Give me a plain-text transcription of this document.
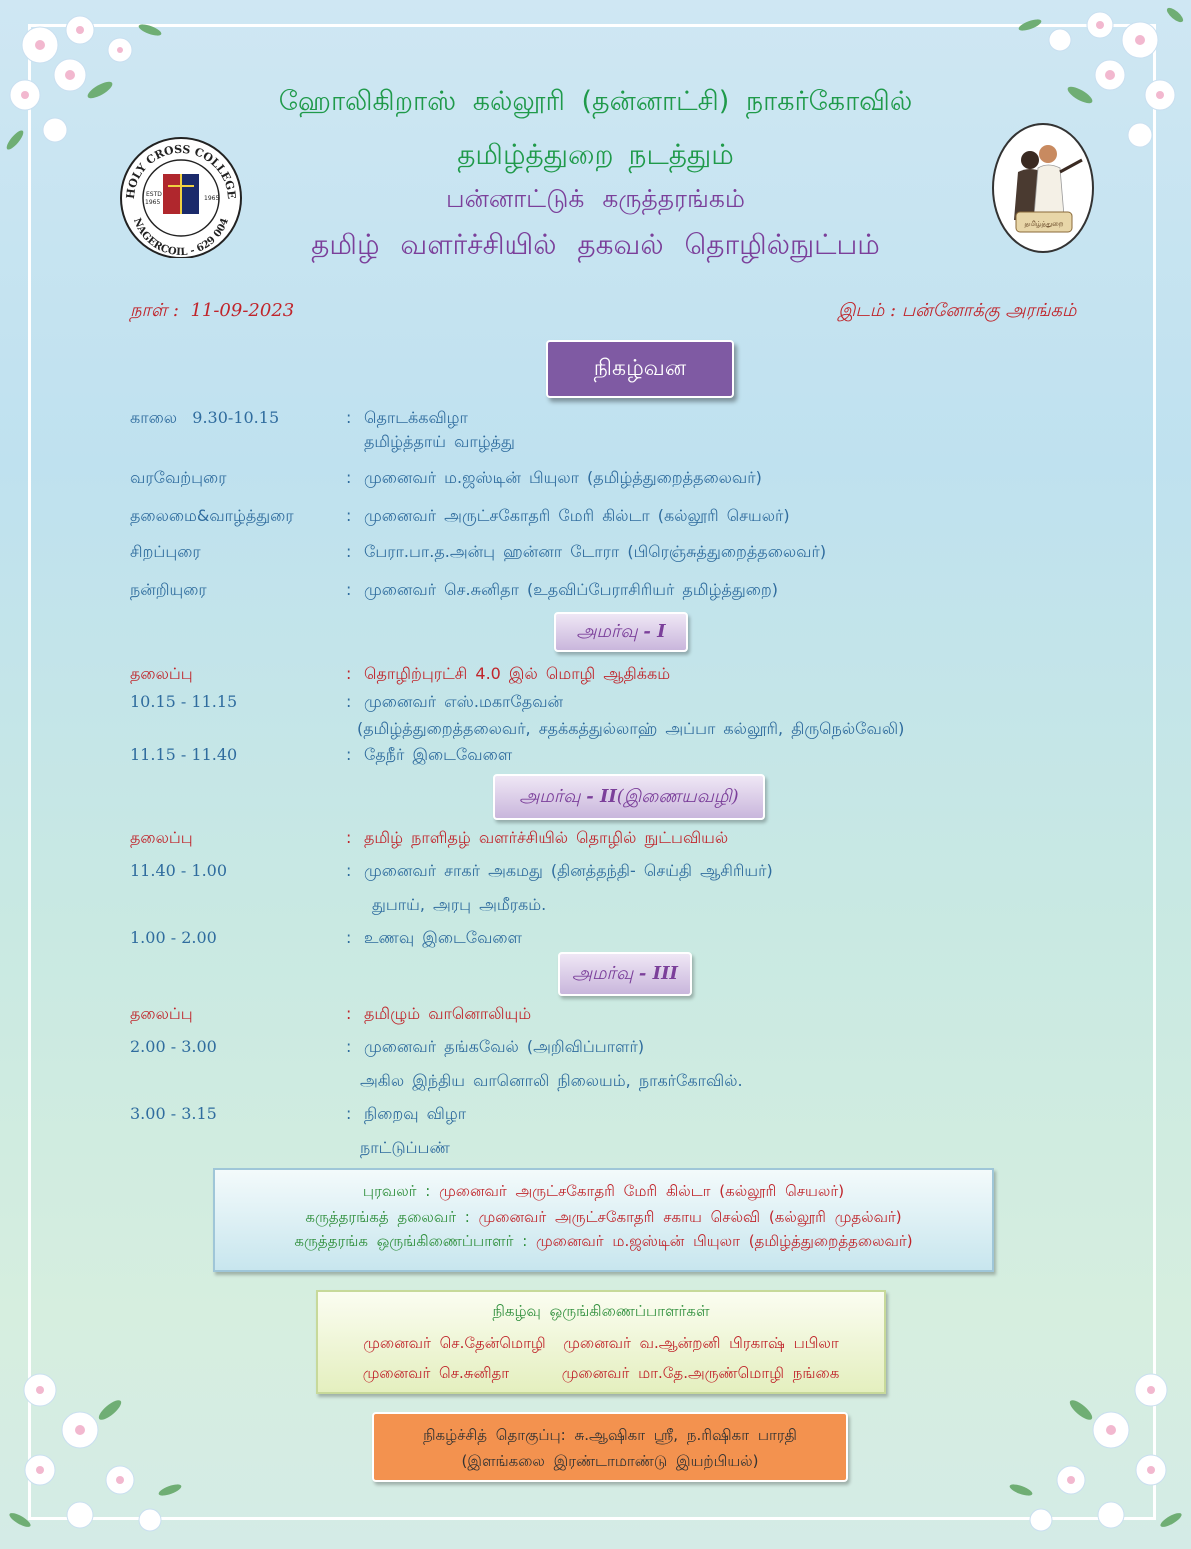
HOLY CROSS COLLEGE
NAGERCOIL - 629 004
ESTD
1965
1965
தமிழ்த்துறை
ஹோலிகிறாஸ் கல்லூரி (தன்னாட்சி) நாகர்கோவில்
தமிழ்த்துறை நடத்தும்
பன்னாட்டுக் கருத்தரங்கம்
தமிழ் வளர்ச்சியில் தகவல் தொழில்நுட்பம்
நாள் : 11-09-2023	இடம் : பன்னோக்கு அரங்கம்
நிகழ்வன
காலை 9.30-10.15	: தொடக்கவிழா
தமிழ்த்தாய் வாழ்த்து
வரவேற்புரை	: முனைவர் ம.ஜஸ்டின் பியுலா (தமிழ்த்துறைத்தலைவர்)
தலைமை&வாழ்த்துரை	: முனைவர் அருட்சகோதரி மேரி கில்டா (கல்லூரி செயலர்)
சிறப்புரை	: பேரா.பா.த.அன்பு ஹன்னா டோரா (பிரெஞ்சுத்துறைத்தலைவர்)
நன்றியுரை	: முனைவர் செ.சுனிதா (உதவிப்பேராசிரியர் தமிழ்த்துறை)
அமர்வு - I
தலைப்பு	: தொழிற்புரட்சி 4.0 இல் மொழி ஆதிக்கம்
10.15 - 11.15	: முனைவர் எஸ்.மகாதேவன்
(தமிழ்த்துறைத்தலைவர், சதக்கத்துல்லாஹ் அப்பா கல்லூரி, திருநெல்வேலி)
11.15 - 11.40	: தேநீர் இடைவேளை
அமர்வு - II(இணையவழி)
தலைப்பு	: தமிழ் நாளிதழ் வளர்ச்சியில் தொழில் நுட்பவியல்
11.40 - 1.00	: முனைவர் சாகர் அகமது (தினத்தந்தி- செய்தி ஆசிரியர்)
துபாய், அரபு அமீரகம்.
1.00 - 2.00	: உணவு இடைவேளை
அமர்வு - III
தலைப்பு	: தமிழும் வானொலியும்
2.00 - 3.00	: முனைவர் தங்கவேல் (அறிவிப்பாளர்)
அகில இந்திய வானொலி நிலையம், நாகர்கோவில்.
3.00 - 3.15	: நிறைவு விழா
நாட்டுப்பண்
புரவலர் : முனைவர் அருட்சகோதரி மேரி கில்டா (கல்லூரி செயலர்)
கருத்தரங்கத் தலைவர் : முனைவர் அருட்சகோதரி சகாய செல்வி (கல்லூரி முதல்வர்)
கருத்தரங்க ஒருங்கிணைப்பாளர் : முனைவர் ம.ஜஸ்டின் பியுலா (தமிழ்த்துறைத்தலைவர்)
நிகழ்வு ஒருங்கிணைப்பாளர்கள்
முனைவர் செ.தேன்மொழி  முனைவர் வ.ஆன்றனி பிரகாஷ் பபிலா
முனைவர் செ.சுனிதா      முனைவர் மா.தே.அருண்மொழி நங்கை
நிகழ்ச்சித் தொகுப்பு: சு.ஆஷிகா ஸ்ரீ, ந.ரிஷிகா பாரதி
(இளங்கலை இரண்டாமாண்டு இயற்பியல்)
